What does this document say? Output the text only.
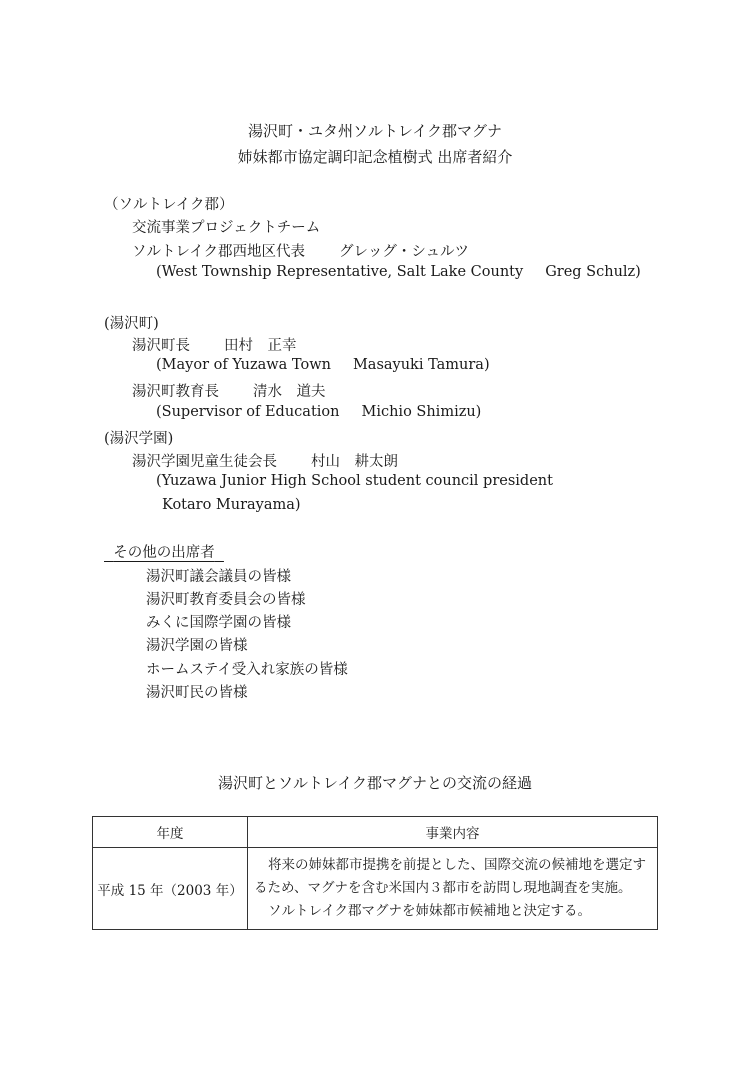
湯沢町・ユタ州ソルトレイク郡マグナ
姉妹都市協定調印記念植樹式 出席者紹介
（ソルトレイク郡）
交流事業プロジェクトチーム
ソルトレイク郡西地区代表 グレッグ・シュルツ
(West Township Representative, Salt Lake County Greg Schulz)
(湯沢町)
湯沢町長 田村　正幸
(Mayor of Yuzawa Town Masayuki Tamura)
湯沢町教育長 清水　道夫
(Supervisor of Education Michio Shimizu)
(湯沢学園)
湯沢学園児童生徒会長 村山　耕太朗
(Yuzawa Junior High School student council president
Kotaro Murayama)
その他の出席者
湯沢町議会議員の皆様
湯沢町教育委員会の皆様
みくに国際学園の皆様
湯沢学園の皆様
ホームステイ受入れ家族の皆様
湯沢町民の皆様
湯沢町とソルトレイク郡マグナとの交流の経過
年度	事業内容
平成 15 年（2003 年）	将来の姉妹都市提携を前提とした、国際交流の候補地を選定す
るため、マグナを含む米国内３都市を訪問し現地調査を実施。
ソルトレイク郡マグナを姉妹都市候補地と決定する。
